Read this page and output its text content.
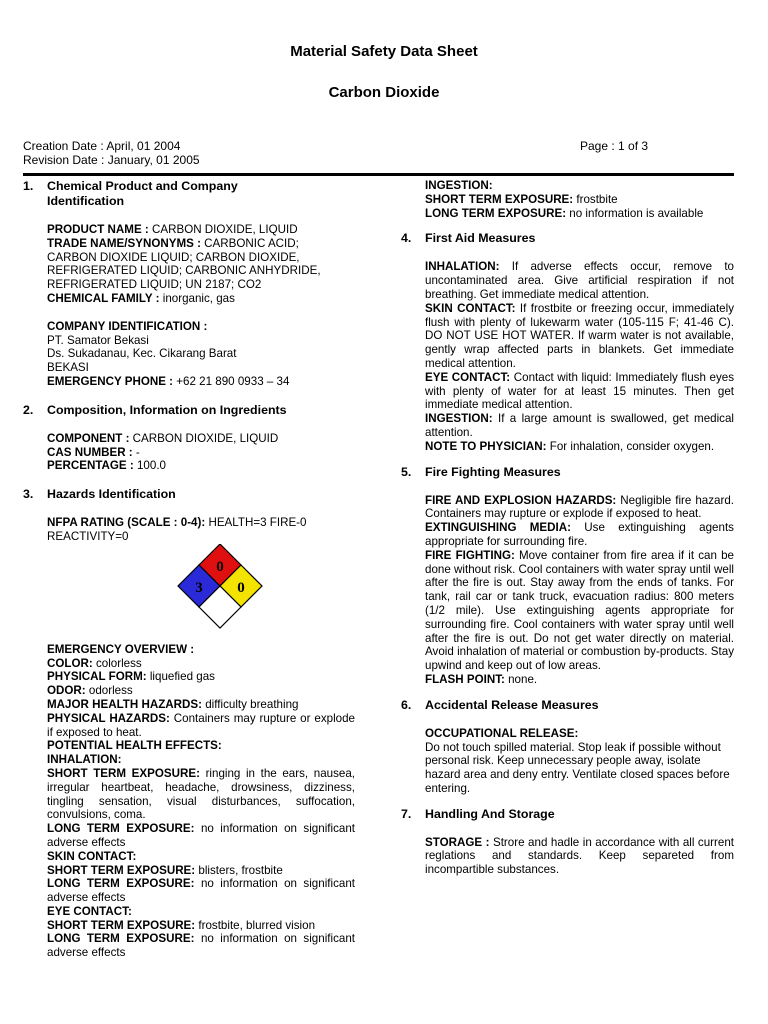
Material Safety Data Sheet
Carbon Dioxide
Creation Date : April, 01 2004
Revision Date : January, 01 2005
Page : 1 of 3
1.	Chemical Product and Company
Identification

PRODUCT NAME : CARBON DIOXIDE, LIQUID

TRADE NAME/SYNONYMS : CARBONIC ACID;
CARBON DIOXIDE LIQUID; CARBON DIOXIDE,
REFRIGERATED LIQUID; CARBONIC ANHYDRIDE,
REFRIGERATED LIQUID; UN 2187; CO2

CHEMICAL FAMILY : inorganic, gas

COMPANY IDENTIFICATION :

PT. Samator Bekasi

Ds. Sukadanau, Kec. Cikarang Barat

BEKASI

EMERGENCY PHONE : +62 21 890 0933 – 34

2.	Composition, Information on Ingredients

COMPONENT : CARBON DIOXIDE, LIQUID

CAS NUMBER : -

PERCENTAGE : 100.0

3.	Hazards Identification

NFPA RATING (SCALE : 0-4): HEALTH=3 FIRE-0
REACTIVITY=0

0
3 0

EMERGENCY OVERVIEW :

COLOR: colorless

PHYSICAL FORM: liquefied gas

ODOR: odorless

MAJOR HEALTH HAZARDS: difficulty breathing

PHYSICAL HAZARDS: Containers may rupture or explode if exposed to heat.

POTENTIAL HEALTH EFFECTS:

INHALATION:

SHORT TERM EXPOSURE: ringing in the ears, nausea, irregular heartbeat, headache, drowsiness, dizziness, tingling sensation, visual disturbances, suffocation, convulsions, coma.

LONG TERM EXPOSURE: no information on significant adverse effects

SKIN CONTACT:

SHORT TERM EXPOSURE: blisters, frostbite

LONG TERM EXPOSURE: no information on significant adverse effects

EYE CONTACT:

SHORT TERM EXPOSURE: frostbite, blurred vision

LONG TERM EXPOSURE: no information on significant adverse effects

INGESTION:

SHORT TERM EXPOSURE: frostbite

LONG TERM EXPOSURE: no information is available

4.	First Aid Measures

INHALATION: If adverse effects occur, remove to uncontaminated area. Give artificial respiration if not breathing. Get immediate medical attention.

SKIN CONTACT: If frostbite or freezing occur, immediately flush with plenty of lukewarm water (105-115 F; 41-46 C). DO NOT USE HOT WATER. If warm water is not available, gently wrap affected parts in blankets. Get immediate medical attention.

EYE CONTACT: Contact with liquid: Immediately flush eyes with plenty of water for at least 15 minutes. Then get immediate medical attention.

INGESTION: If a large amount is swallowed, get medical attention.

NOTE TO PHYSICIAN: For inhalation, consider oxygen.

5.	Fire Fighting Measures

FIRE AND EXPLOSION HAZARDS: Negligible fire hazard. Containers may rupture or explode if exposed to heat.

EXTINGUISHING MEDIA: Use extinguishing agents appropriate for surrounding fire.

FIRE FIGHTING: Move container from fire area if it can be done without risk. Cool containers with water spray until well after the fire is out. Stay away from the ends of tanks. For tank, rail car or tank truck, evacuation radius: 800 meters (1/2 mile). Use extinguishing agents appropriate for surrounding fire. Cool containers with water spray until well after the fire is out. Do not get water directly on material. Avoid inhalation of material or combustion by-products. Stay upwind and keep out of low areas.

FLASH POINT: none.

6.	Accidental Release Measures

OCCUPATIONAL RELEASE:

Do not touch spilled material. Stop leak if possible without personal risk. Keep unnecessary people away, isolate hazard area and deny entry. Ventilate closed spaces before entering.

7.	Handling And Storage

STORAGE : Strore and hadle in accordance with all current reglations and standards. Keep separeted from incompartible substances.
